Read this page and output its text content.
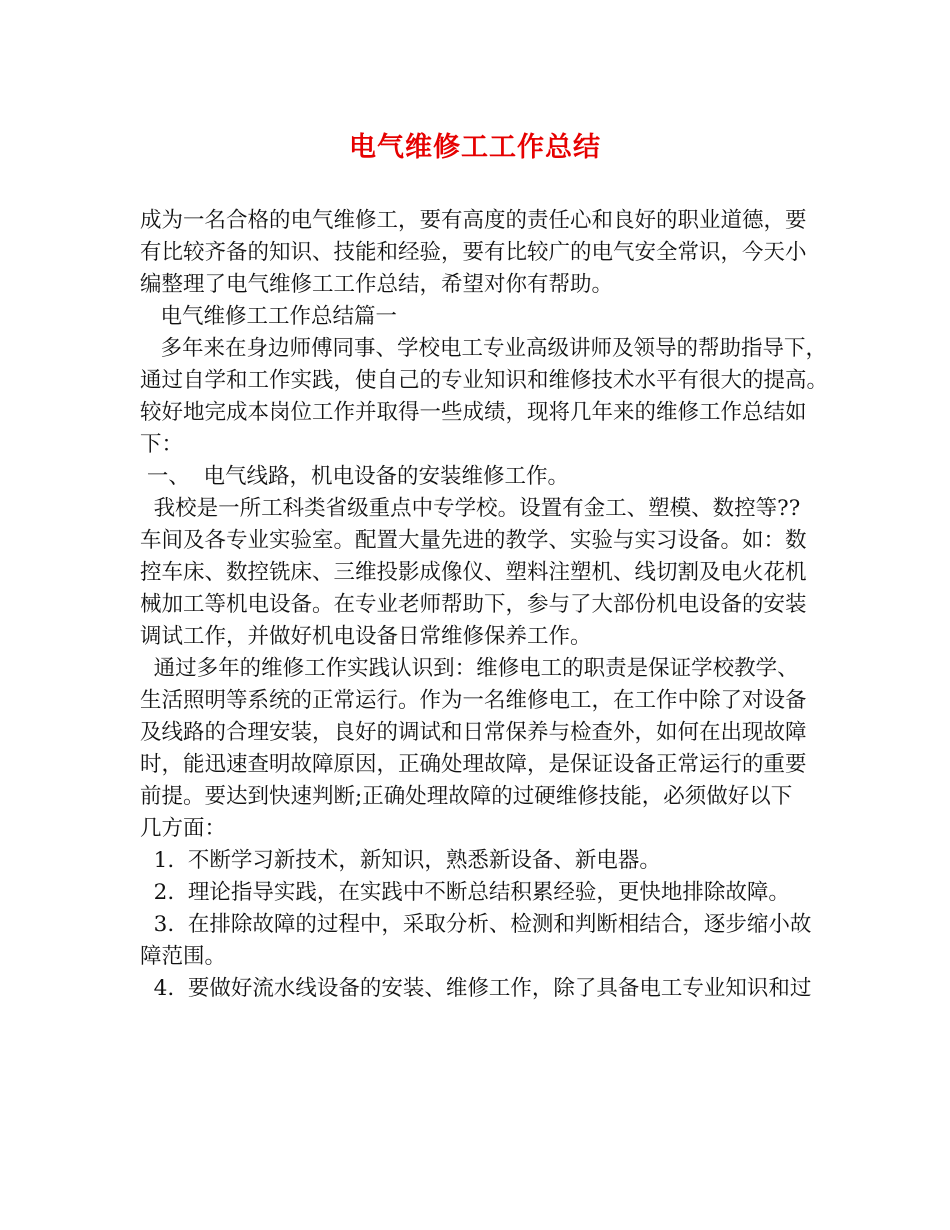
电气维修工工作总结
成为一名合格的电气维修工，要有高度的责任心和良好的职业道德，要
有比较齐备的知识、技能和经验，要有比较广的电气安全常识，今天小
编整理了电气维修工工作总结，希望对你有帮助。
电气维修工工作总结篇一
多年来在身边师傅同事、学校电工专业高级讲师及领导的帮助指导下，
通过自学和工作实践，使自己的专业知识和维修技术水平有很大的提高。
较好地完成本岗位工作并取得一些成绩，现将几年来的维修工作总结如
下：
一、  电气线路，机电设备的安装维修工作。
我校是一所工科类省级重点中专学校。设置有金工、塑模、数控等??
车间及各专业实验室。配置大量先进的教学、实验与实习设备。如：数
控车床、数控铣床、三维投影成像仪、塑料注塑机、线切割及电火花机
械加工等机电设备。在专业老师帮助下，参与了大部份机电设备的安装
调试工作，并做好机电设备日常维修保养工作。
通过多年的维修工作实践认识到：维修电工的职责是保证学校教学、
生活照明等系统的正常运行。作为一名维修电工，在工作中除了对设备
及线路的合理安装，良好的调试和日常保养与检查外，如何在出现故障
时，能迅速查明故障原因，正确处理故障，是保证设备正常运行的重要
前提。要达到快速判断;正确处理故障的过硬维修技能，必须做好以下
几方面：
1.  不断学习新技术，新知识，熟悉新设备、新电器。
2.  理论指导实践，在实践中不断总结积累经验，更快地排除故障。
3.  在排除故障的过程中，采取分析、检测和判断相结合，逐步缩小故
障范围。
4.  要做好流水线设备的安装、维修工作，除了具备电工专业知识和过
